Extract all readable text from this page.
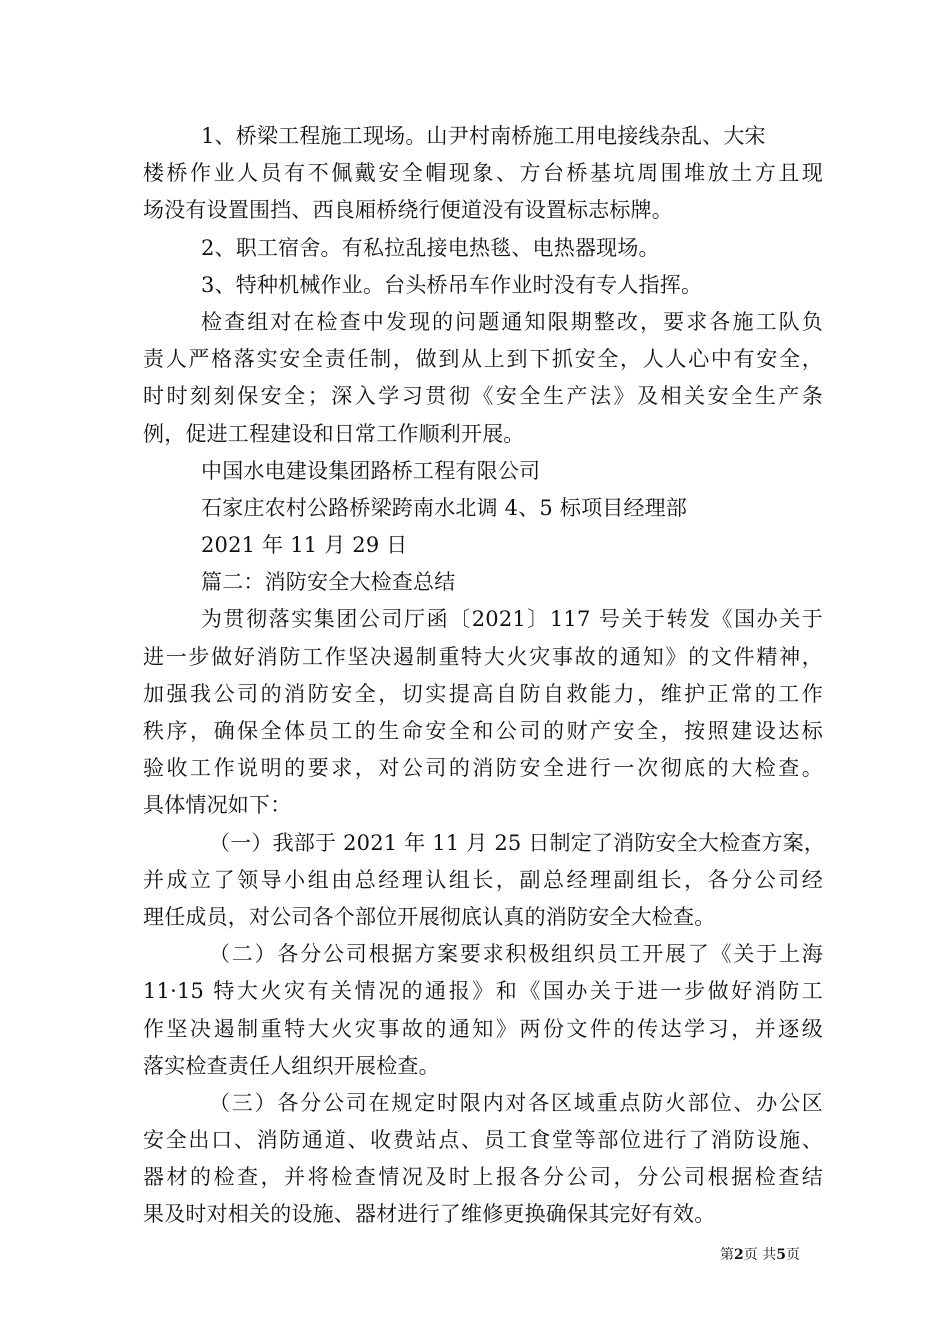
1、桥梁工程施工现场。山尹村南桥施工用电接线杂乱、大宋
楼桥作业人员有不佩戴安全帽现象、方台桥基坑周围堆放土方且现
场没有设置围挡、西良厢桥绕行便道没有设置标志标牌。
2、职工宿舍。有私拉乱接电热毯、电热器现场。
3、特种机械作业。台头桥吊车作业时没有专人指挥。
检查组对在检查中发现的问题通知限期整改，要求各施工队负
责人严格落实安全责任制，做到从上到下抓安全，人人心中有安全，
时时刻刻保安全；深入学习贯彻《安全生产法》及相关安全生产条
例，促进工程建设和日常工作顺利开展。
中国水电建设集团路桥工程有限公司
石家庄农村公路桥梁跨南水北调 4、5 标项目经理部
2021 年 11 月 29 日
篇二：消防安全大检查总结
为贯彻落实集团公司厅函〔2021〕117 号关于转发《国办关于
进一步做好消防工作坚决遏制重特大火灾事故的通知》的文件精神，
加强我公司的消防安全，切实提高自防自救能力，维护正常的工作
秩序，确保全体员工的生命安全和公司的财产安全，按照建设达标
验收工作说明的要求，对公司的消防安全进行一次彻底的大检查。
具体情况如下：
（一）我部于 2021 年 11 月 25 日制定了消防安全大检查方案，
并成立了领导小组由总经理认组长，副总经理副组长，各分公司经
理任成员，对公司各个部位开展彻底认真的消防安全大检查。
（二）各分公司根据方案要求积极组织员工开展了《关于上海
11·15 特大火灾有关情况的通报》和《国办关于进一步做好消防工
作坚决遏制重特大火灾事故的通知》两份文件的传达学习，并逐级
落实检查责任人组织开展检查。
（三）各分公司在规定时限内对各区域重点防火部位、办公区
安全出口、消防通道、收费站点、员工食堂等部位进行了消防设施、
器材的检查，并将检查情况及时上报各分公司，分公司根据检查结
果及时对相关的设施、器材进行了维修更换确保其完好有效。
第2页 共5页
